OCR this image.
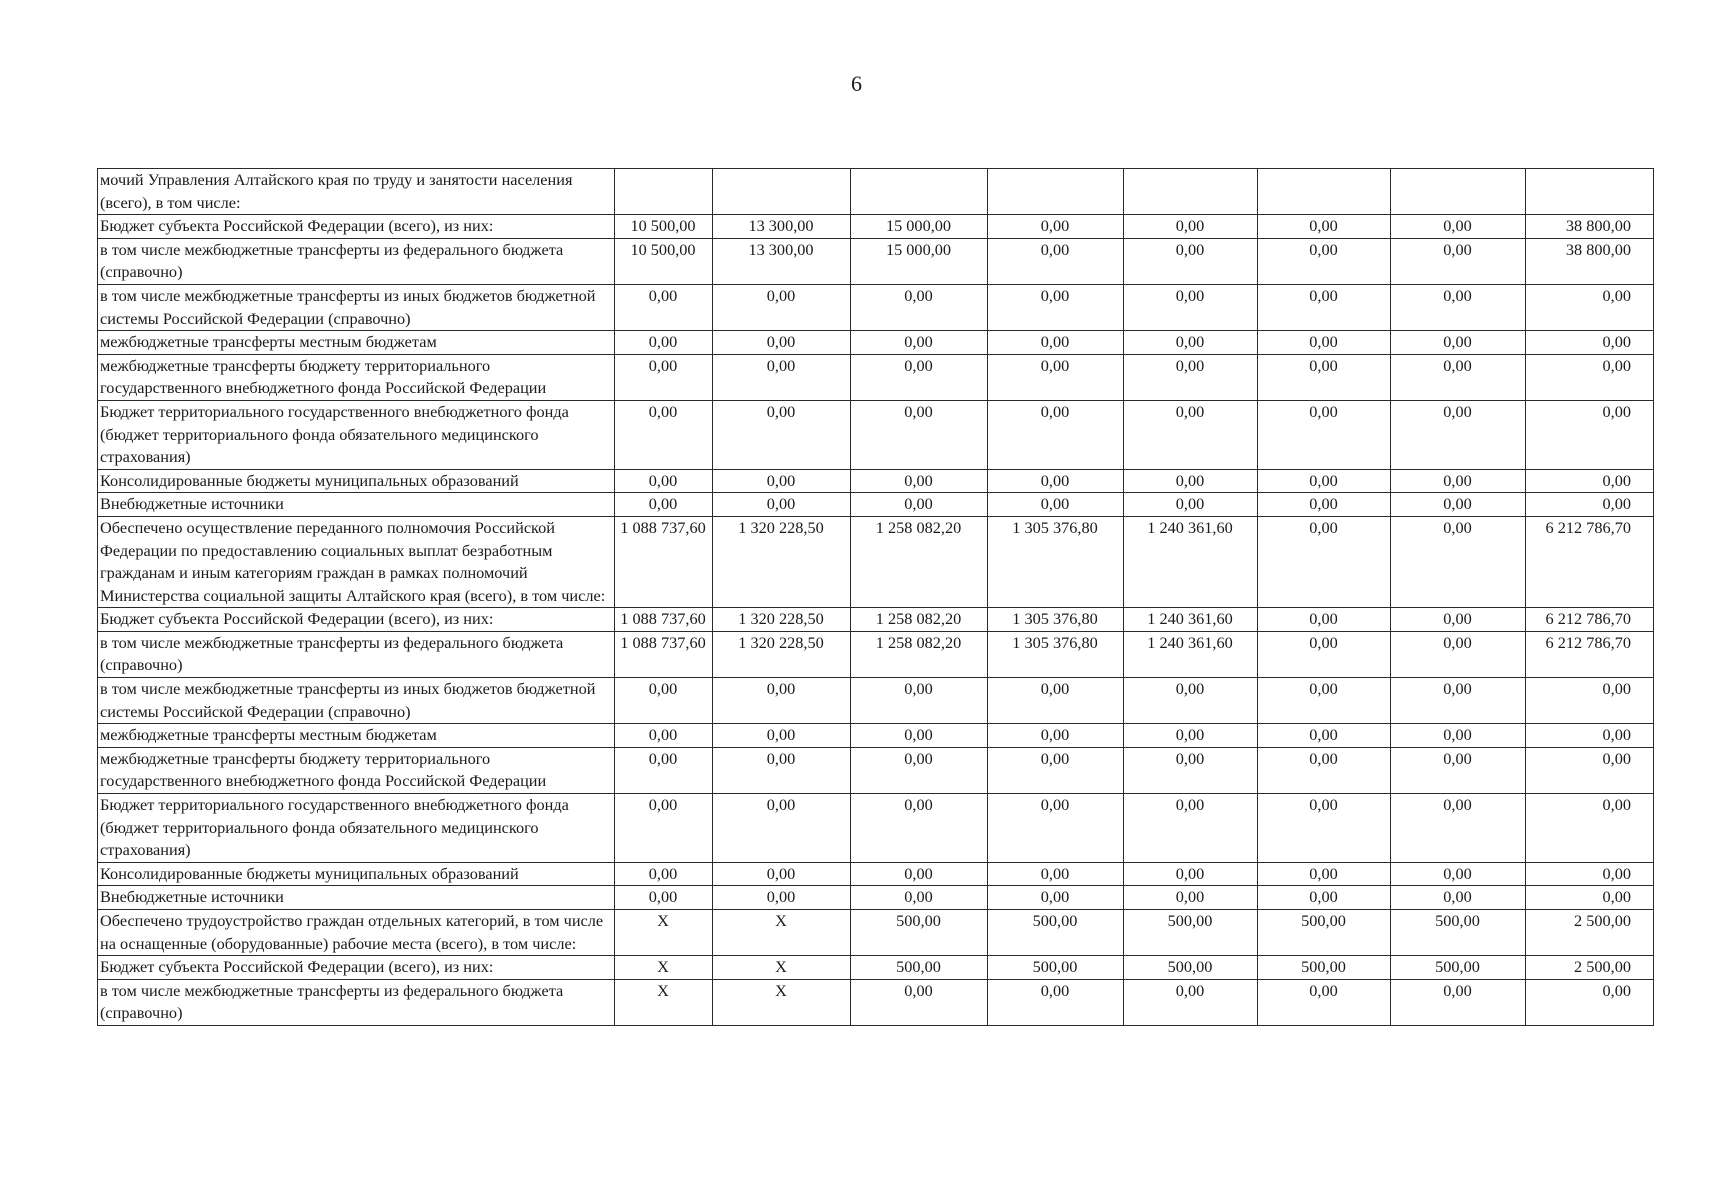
6
мочий Управления Алтайского края по труду и занятости населения (всего), в том числе:								
Бюджет субъекта Российской Федерации (всего), из них:	10 500,00	13 300,00	15 000,00	0,00	0,00	0,00	0,00	38 800,00
в том числе межбюджетные трансферты из федерального бюджета (справочно)	10 500,00	13 300,00	15 000,00	0,00	0,00	0,00	0,00	38 800,00
в том числе межбюджетные трансферты из иных бюджетов бюджетной системы Российской Федерации (справочно)	0,00	0,00	0,00	0,00	0,00	0,00	0,00	0,00
межбюджетные трансферты местным бюджетам	0,00	0,00	0,00	0,00	0,00	0,00	0,00	0,00
межбюджетные трансферты бюджету территориального государственного внебюджетного фонда Российской Федерации	0,00	0,00	0,00	0,00	0,00	0,00	0,00	0,00
Бюджет территориального государственного внебюджетного фонда (бюджет территориального фонда обязательного медицинского страхования)	0,00	0,00	0,00	0,00	0,00	0,00	0,00	0,00
Консолидированные бюджеты муниципальных образований	0,00	0,00	0,00	0,00	0,00	0,00	0,00	0,00
Внебюджетные источники	0,00	0,00	0,00	0,00	0,00	0,00	0,00	0,00
Обеспечено осуществление переданного полномочия Российской Федерации по предоставлению социальных выплат безработным гражданам и иным категориям граждан в рамках полномочий Министерства социальной защиты Алтайского края (всего), в том числе:	1 088 737,60	1 320 228,50	1 258 082,20	1 305 376,80	1 240 361,60	0,00	0,00	6 212 786,70
Бюджет субъекта Российской Федерации (всего), из них:	1 088 737,60	1 320 228,50	1 258 082,20	1 305 376,80	1 240 361,60	0,00	0,00	6 212 786,70
в том числе межбюджетные трансферты из федерального бюджета (справочно)	1 088 737,60	1 320 228,50	1 258 082,20	1 305 376,80	1 240 361,60	0,00	0,00	6 212 786,70
в том числе межбюджетные трансферты из иных бюджетов бюджетной системы Российской Федерации (справочно)	0,00	0,00	0,00	0,00	0,00	0,00	0,00	0,00
межбюджетные трансферты местным бюджетам	0,00	0,00	0,00	0,00	0,00	0,00	0,00	0,00
межбюджетные трансферты бюджету территориального государственного внебюджетного фонда Российской Федерации	0,00	0,00	0,00	0,00	0,00	0,00	0,00	0,00
Бюджет территориального государственного внебюджетного фонда (бюджет территориального фонда обязательного медицинского страхования)	0,00	0,00	0,00	0,00	0,00	0,00	0,00	0,00
Консолидированные бюджеты муниципальных образований	0,00	0,00	0,00	0,00	0,00	0,00	0,00	0,00
Внебюджетные источники	0,00	0,00	0,00	0,00	0,00	0,00	0,00	0,00
Обеспечено трудоустройство граждан отдельных категорий, в том числе на оснащенные (оборудованные) рабочие места (всего), в том числе:	X	X	500,00	500,00	500,00	500,00	500,00	2 500,00
Бюджет субъекта Российской Федерации (всего), из них:	X	X	500,00	500,00	500,00	500,00	500,00	2 500,00
в том числе межбюджетные трансферты из федерального бюджета (справочно)	X	X	0,00	0,00	0,00	0,00	0,00	0,00
